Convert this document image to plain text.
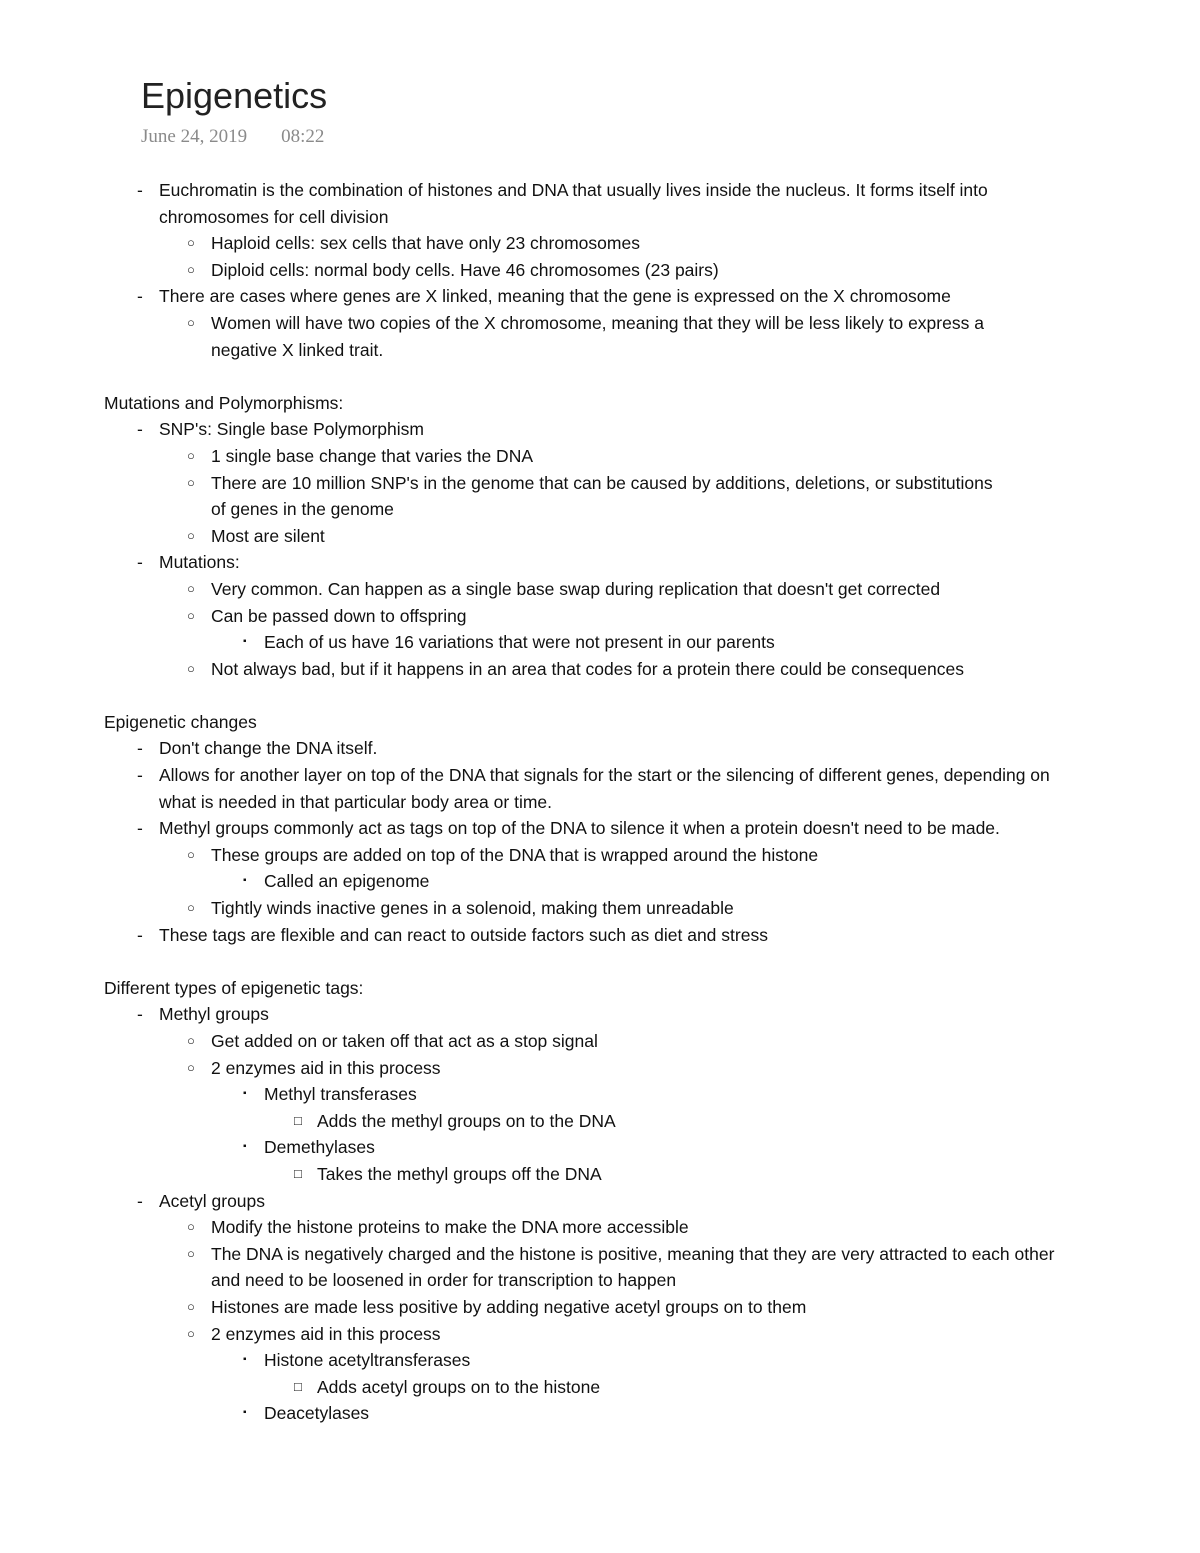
Epigenetics
June 24, 2019 08:22
- Euchromatin is the combination of histones and DNA that usually lives inside the nucleus. It forms itself into chromosomes for cell division
○ Haploid cells: sex cells that have only 23 chromosomes
○ Diploid cells: normal body cells. Have 46 chromosomes (23 pairs)
- There are cases where genes are X linked, meaning that the gene is expressed on the X chromosome
○ Women will have two copies of the X chromosome, meaning that they will be less likely to express a negative X linked trait.

Mutations and Polymorphisms:

- SNP's: Single base Polymorphism
○ 1 single base change that varies the DNA
○ There are 10 million SNP's in the genome that can be caused by additions, deletions, or substitutions of genes in the genome
○ Most are silent
- Mutations:
○ Very common. Can happen as a single base swap during replication that doesn't get corrected
○ Can be passed down to offspring
▪ Each of us have 16 variations that were not present in our parents
○ Not always bad, but if it happens in an area that codes for a protein there could be consequences

Epigenetic changes

- Don't change the DNA itself.
- Allows for another layer on top of the DNA that signals for the start or the silencing of different genes, depending on what is needed in that particular body area or time.
- Methyl groups commonly act as tags on top of the DNA to silence it when a protein doesn't need to be made.
○ These groups are added on top of the DNA that is wrapped around the histone
▪ Called an epigenome
○ Tightly winds inactive genes in a solenoid, making them unreadable
- These tags are flexible and can react to outside factors such as diet and stress

Different types of epigenetic tags:

- Methyl groups
○ Get added on or taken off that act as a stop signal
○ 2 enzymes aid in this process
▪ Methyl transferases
□ Adds the methyl groups on to the DNA
▪ Demethylases
□ Takes the methyl groups off the DNA
- Acetyl groups
○ Modify the histone proteins to make the DNA more accessible
○ The DNA is negatively charged and the histone is positive, meaning that they are very attracted to each other and need to be loosened in order for transcription to happen
○ Histones are made less positive by adding negative acetyl groups on to them
○ 2 enzymes aid in this process
▪ Histone acetyltransferases
□ Adds acetyl groups on to the histone
▪ Deacetylases
